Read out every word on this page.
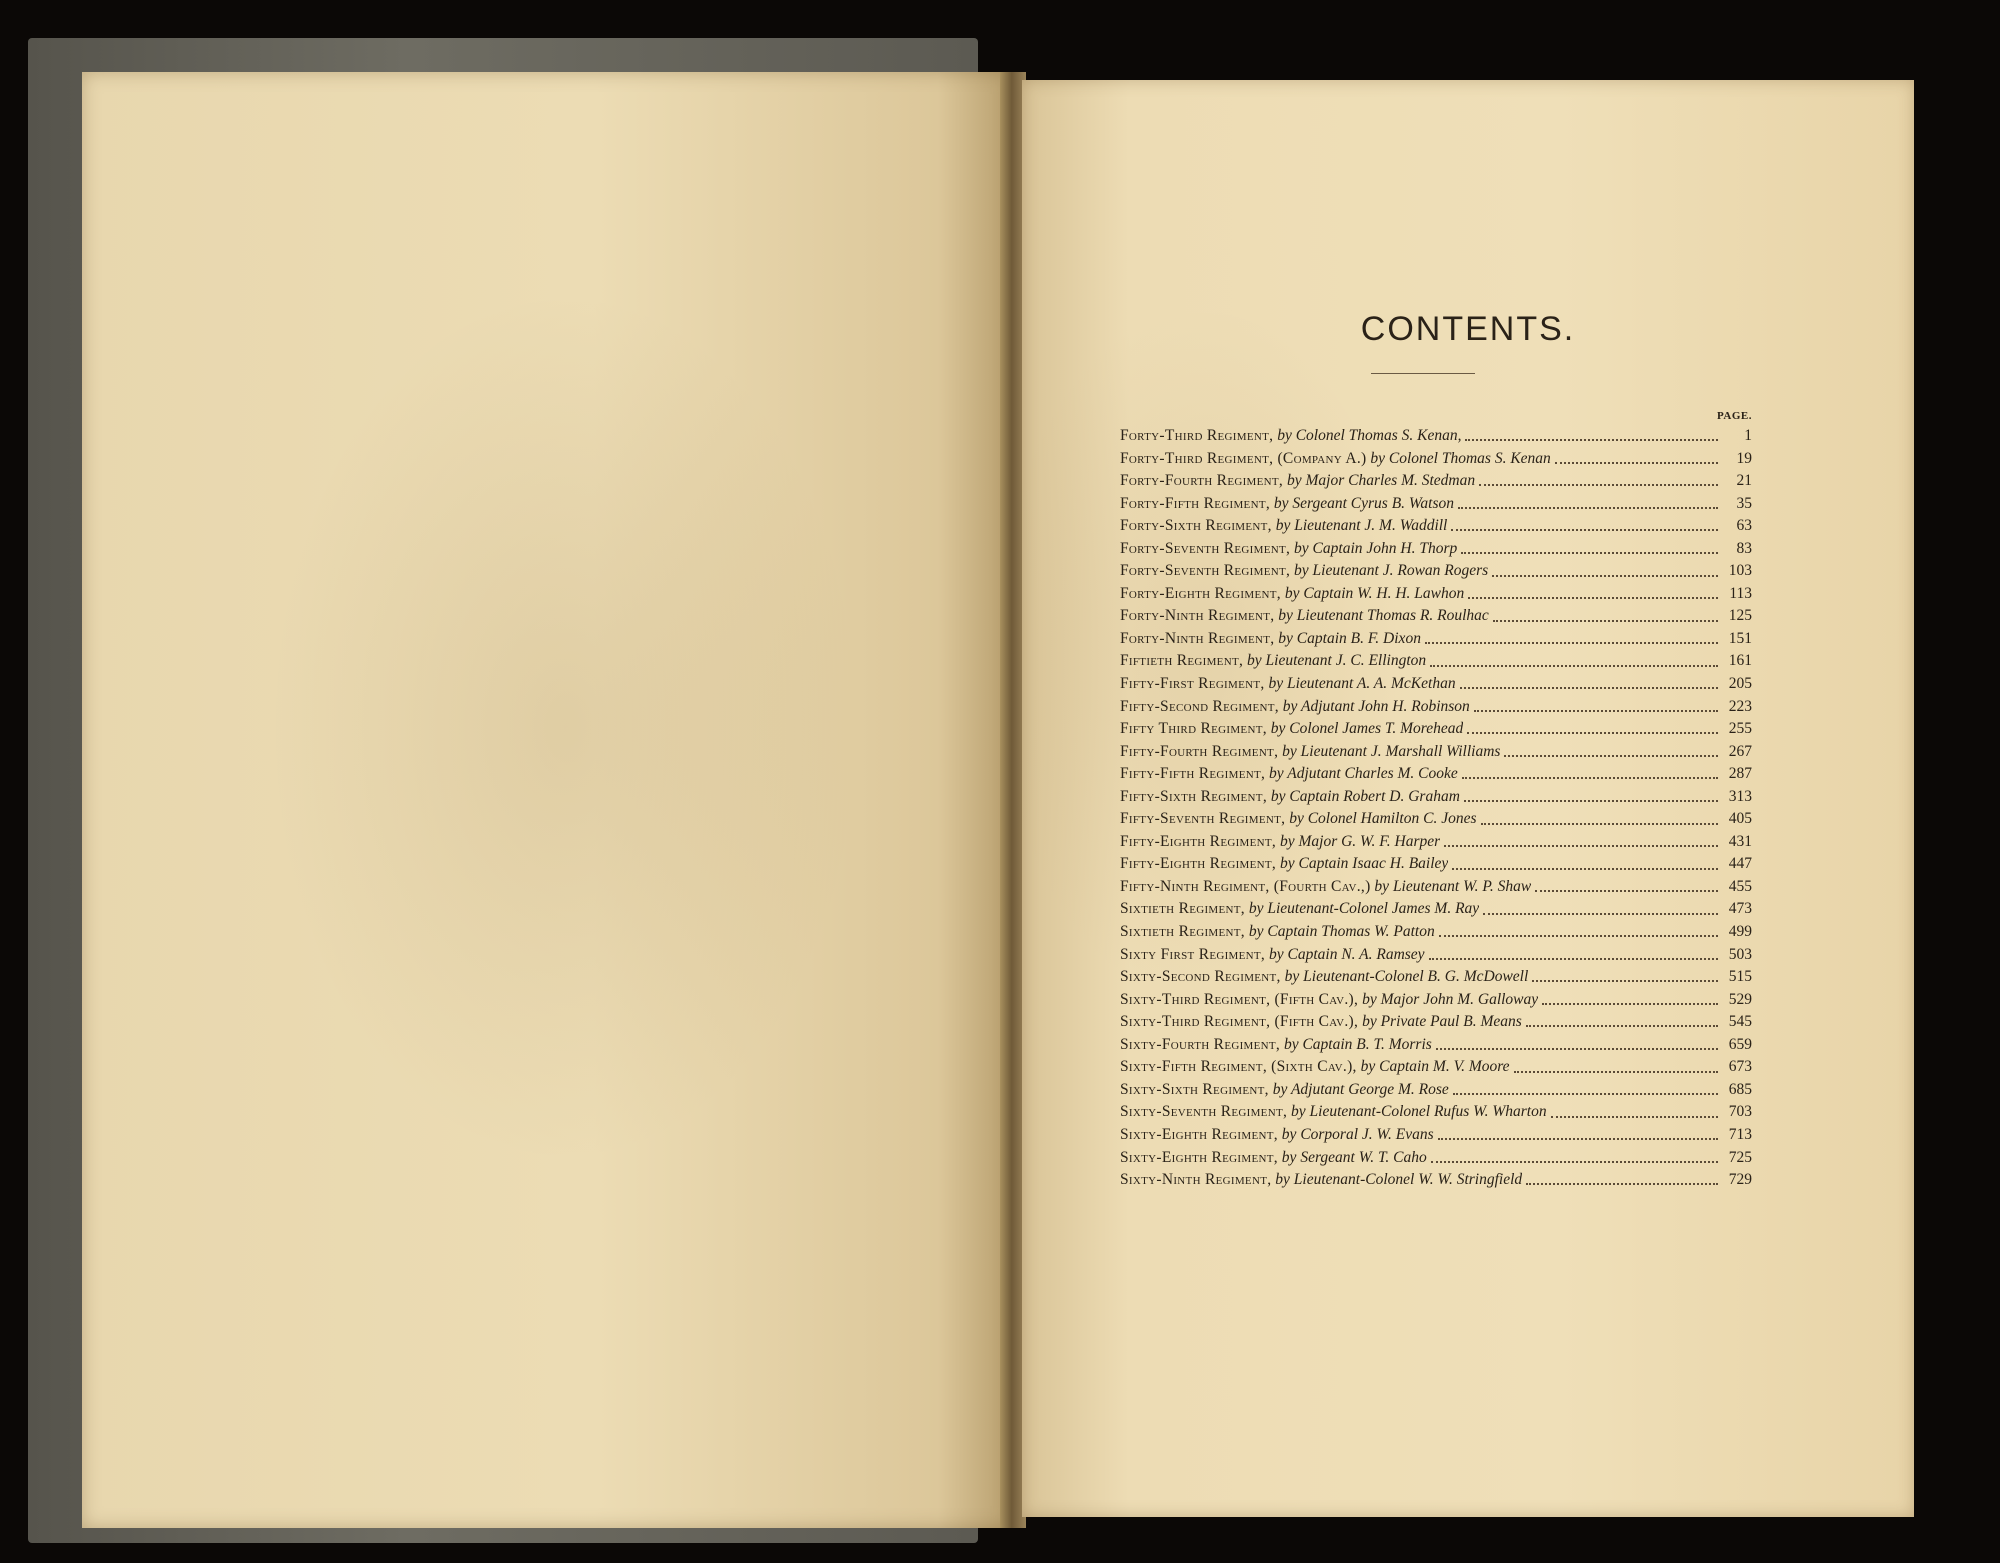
CONTENTS.
PAGE.
Forty-Third Regiment, by Colonel Thomas S. Kenan,	1
Forty-Third Regiment, (Company A.) by Colonel Thomas S. Kenan	19
Forty-Fourth Regiment, by Major Charles M. Stedman	21
Forty-Fifth Regiment, by Sergeant Cyrus B. Watson	35
Forty-Sixth Regiment, by Lieutenant J. M. Waddill	63
Forty-Seventh Regiment, by Captain John H. Thorp	83
Forty-Seventh Regiment, by Lieutenant J. Rowan Rogers	103
Forty-Eighth Regiment, by Captain W. H. H. Lawhon	113
Forty-Ninth Regiment, by Lieutenant Thomas R. Roulhac	125
Forty-Ninth Regiment, by Captain B. F. Dixon	151
Fiftieth Regiment, by Lieutenant J. C. Ellington	161
Fifty-First Regiment, by Lieutenant A. A. McKethan	205
Fifty-Second Regiment, by Adjutant John H. Robinson	223
Fifty Third Regiment, by Colonel James T. Morehead	255
Fifty-Fourth Regiment, by Lieutenant J. Marshall Williams	267
Fifty-Fifth Regiment, by Adjutant Charles M. Cooke	287
Fifty-Sixth Regiment, by Captain Robert D. Graham	313
Fifty-Seventh Regiment, by Colonel Hamilton C. Jones	405
Fifty-Eighth Regiment, by Major G. W. F. Harper	431
Fifty-Eighth Regiment, by Captain Isaac H. Bailey	447
Fifty-Ninth Regiment, (Fourth Cav.,) by Lieutenant W. P. Shaw	455
Sixtieth Regiment, by Lieutenant-Colonel James M. Ray	473
Sixtieth Regiment, by Captain Thomas W. Patton	499
Sixty First Regiment, by Captain N. A. Ramsey	503
Sixty-Second Regiment, by Lieutenant-Colonel B. G. McDowell	515
Sixty-Third Regiment, (Fifth Cav.), by Major John M. Galloway	529
Sixty-Third Regiment, (Fifth Cav.), by Private Paul B. Means	545
Sixty-Fourth Regiment, by Captain B. T. Morris	659
Sixty-Fifth Regiment, (Sixth Cav.), by Captain M. V. Moore	673
Sixty-Sixth Regiment, by Adjutant George M. Rose	685
Sixty-Seventh Regiment, by Lieutenant-Colonel Rufus W. Wharton	703
Sixty-Eighth Regiment, by Corporal J. W. Evans	713
Sixty-Eighth Regiment, by Sergeant W. T. Caho	725
Sixty-Ninth Regiment, by Lieutenant-Colonel W. W. Stringfield	729
